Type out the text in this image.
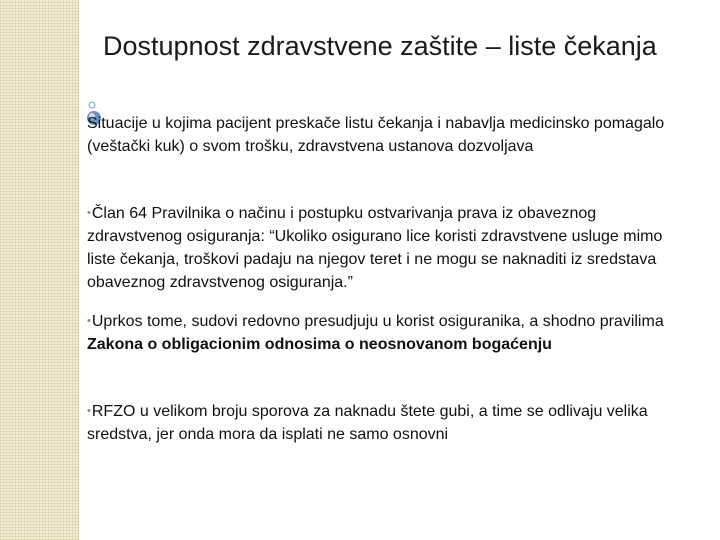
Dostupnost zdravstvene zaštite – liste čekanja

Situacije u kojima pacijent preskače listu čekanja i nabavlja medicinsko pomagalo (veštački kuk) o svom trošku, zdravstvena ustanova dozvoljava

•Član 64 Pravilnika o načinu i postupku ostvarivanja prava iz obaveznog zdravstvenog osiguranja: “Ukoliko osigurano lice koristi zdravstvene usluge mimo liste čekanja, troškovi padaju na njegov teret i ne mogu se naknaditi iz sredstava obaveznog zdravstvenog osiguranja.”

•Uprkos tome, sudovi redovno presudjuju u korist osiguranika, a shodno pravilima Zakona o obligacionim odnosima o neosnovanom bogaćenju

•RFZO u velikom broju sporova za naknadu štete gubi, a time se odlivaju velika sredstva, jer onda mora da isplati ne samo osnovni
